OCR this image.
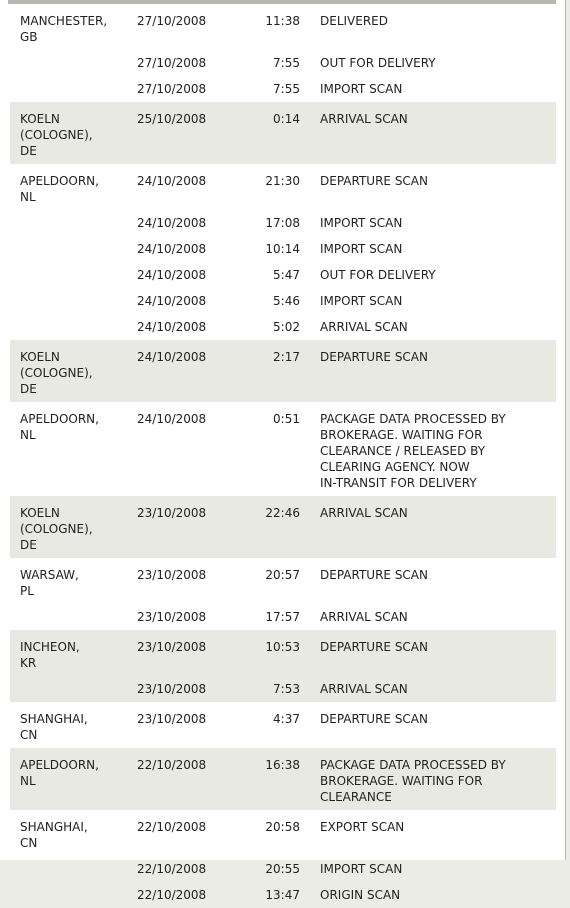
MANCHESTER,
GB
27/10/2008	11:38 DELIVERED
27/10/2008	7:55 OUT FOR DELIVERY
27/10/2008	7:55 IMPORT SCAN
KOELN
(COLOGNE),
DE
25/10/2008	0:14 ARRIVAL SCAN
APELDOORN,
NL
24/10/2008	21:30 DEPARTURE SCAN
24/10/2008	17:08 IMPORT SCAN
24/10/2008	10:14 IMPORT SCAN
24/10/2008	5:47 OUT FOR DELIVERY
24/10/2008	5:46 IMPORT SCAN
24/10/2008	5:02 ARRIVAL SCAN
KOELN
(COLOGNE),
DE
24/10/2008	2:17 DEPARTURE SCAN
APELDOORN,
NL
24/10/2008	0:51 PACKAGE DATA PROCESSED BY
BROKERAGE. WAITING FOR
CLEARANCE / RELEASED BY
CLEARING AGENCY. NOW
IN-TRANSIT FOR DELIVERY
KOELN
(COLOGNE),
DE
23/10/2008	22:46 ARRIVAL SCAN
WARSAW,
PL
23/10/2008	20:57 DEPARTURE SCAN
23/10/2008	17:57 ARRIVAL SCAN
INCHEON,
KR
23/10/2008	10:53 DEPARTURE SCAN
23/10/2008	7:53 ARRIVAL SCAN
SHANGHAI,
CN
23/10/2008	4:37 DEPARTURE SCAN
APELDOORN,
NL
22/10/2008	16:38 PACKAGE DATA PROCESSED BY
BROKERAGE. WAITING FOR
CLEARANCE
SHANGHAI,
CN
22/10/2008	20:58 EXPORT SCAN
22/10/2008	20:55 IMPORT SCAN
22/10/2008	13:47 ORIGIN SCAN
